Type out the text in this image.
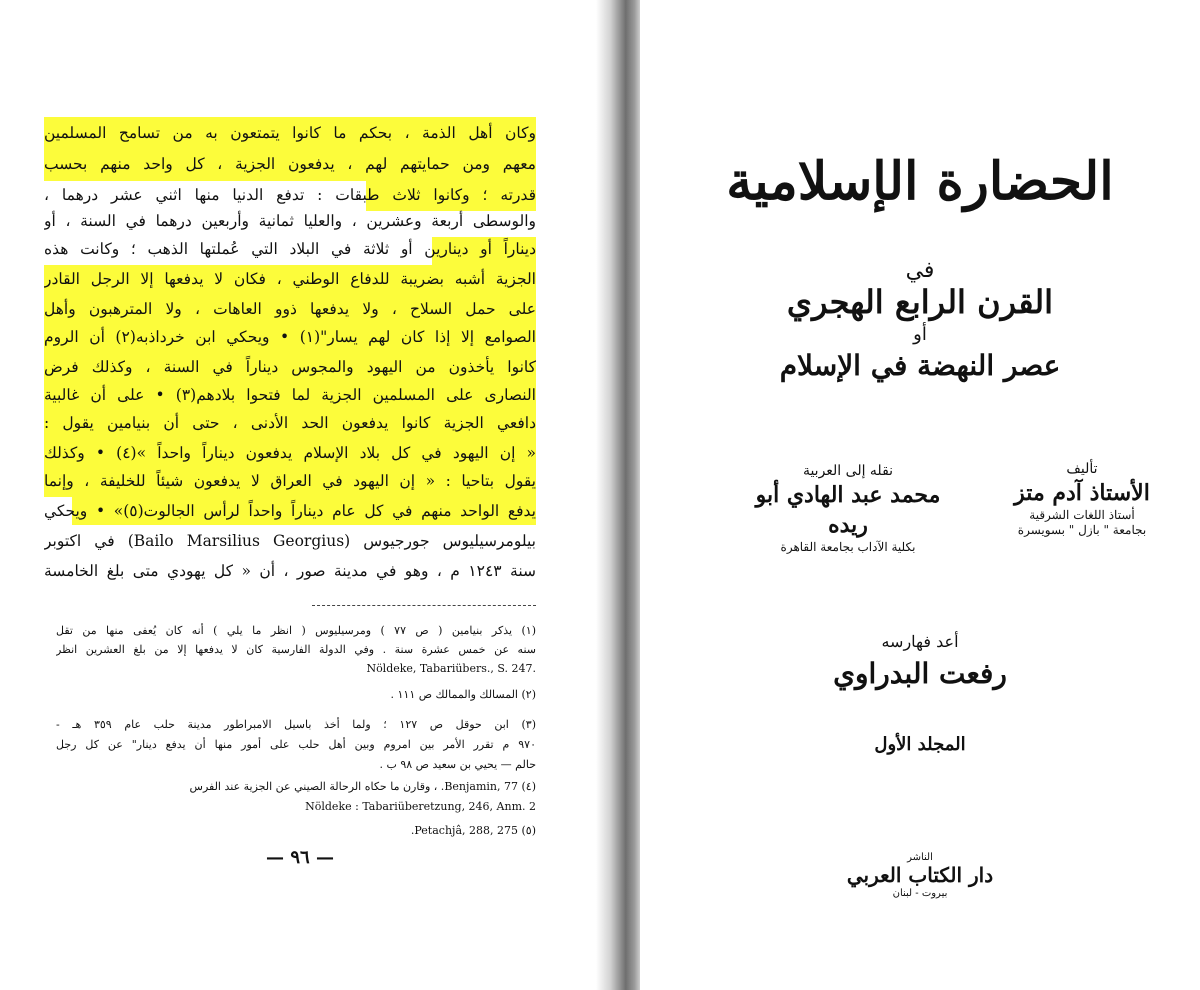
وكان أهل الذمة ، بحكم ما كانوا يتمتعون به من تسامح المسلمين
معهم ومن حمايتهم لهم ، يدفعون الجزية ، كل واحد منهم بحسب
قدرته ؛ وكانوا ثلاث طبقات : تدفع الدنيا منها اثني عشر درهما ،
والوسطى أربعة وعشرين ، والعليا ثمانية وأربعين درهما في السنة ، أو
ديناراً أو دينارين أو ثلاثة في البلاد التي عُملتها الذهب ؛ وكانت هذه
الجزية أشبه بضريبة للدفاع الوطني ، فكان لا يدفعها إلا الرجل القادر
على حمل السلاح ، ولا يدفعها ذوو العاهات ، ولا المترهبون وأهل
الصوامع إلا إذا كان لهم يسار"(١) • ويحكي ابن خرداذبه(٢) أن الروم
كانوا يأخذون من اليهود والمجوس ديناراً في السنة ، وكذلك فرض
النصارى على المسلمين الجزية لما فتحوا بلادهم(٣) • على أن غالبية
دافعي الجزية كانوا يدفعون الحد الأدنى ، حتى أن بنيامين يقول :
« إن اليهود في كل بلاد الإسلام يدفعون ديناراً واحداً »(٤) • وكذلك
يقول بتاحيا : « إن اليهود في العراق لا يدفعون شيئاً للخليفة ، وإنما
يدفع الواحد منهم في كل عام ديناراً واحداً لرأس الجالوت(٥)» • ويحكي
بيلومرسيليوس جورجيوس (Bailo Marsilius Georgius) في اكتوبر
سنة ١٢٤٣ م ، وهو في مدينة صور ، أن « كل يهودي متى بلغ الخامسة
(١) يذكر بنيامين ( ص ٧٧ ) ومرسيليوس ( انظر ما يلي ) أنه كان يُعفى منها من تقل
سنه عن خمس عشرة سنة . وفي الدولة الفارسية كان لا يدفعها إلا من بلغ العشرين انظر
Nöldeke, Tabariübers., S. 247.
(٢) المسالك والممالك ص ١١١ .
(٣) ابن حوقل ص ١٢٧ ؛ ولما أخذ باسيل الامبراطور مدينة حلب عام ٣٥٩ هـ -
٩٧٠ م تقرر الأمر بين امروم وبين أهل حلب على أمور منها أن يدفع دينار" عن كل رجل
حالم — يحيي بن سعيد ص ٩٨ ب .
(٤) Benjamin, 77. ، وقارن ما حكاه الرحالة الصيني عن الجزية عند الفرس
Nöldeke : Tabariüberetzung, 246, Anm. 2
(٥) Petachjâ, 288, 275.
— ٩٦ —
الحضارة الإسلامية
في
القرن الرابع الهجري
أو
عصر النهضة في الإسلام
تأليف
الأستاذ آدم متز
أستاذ اللغات الشرقية
بجامعة " بازل " بسويسرة
نقله إلى العربية
محمد عبد الهادي أبو ريده
بكلية الآداب بجامعة القاهرة
أعد فهارسه
رفعت البدراوي
المجلد الأول
الناشر
دار الكتاب العربي
بيروت - لبنان
